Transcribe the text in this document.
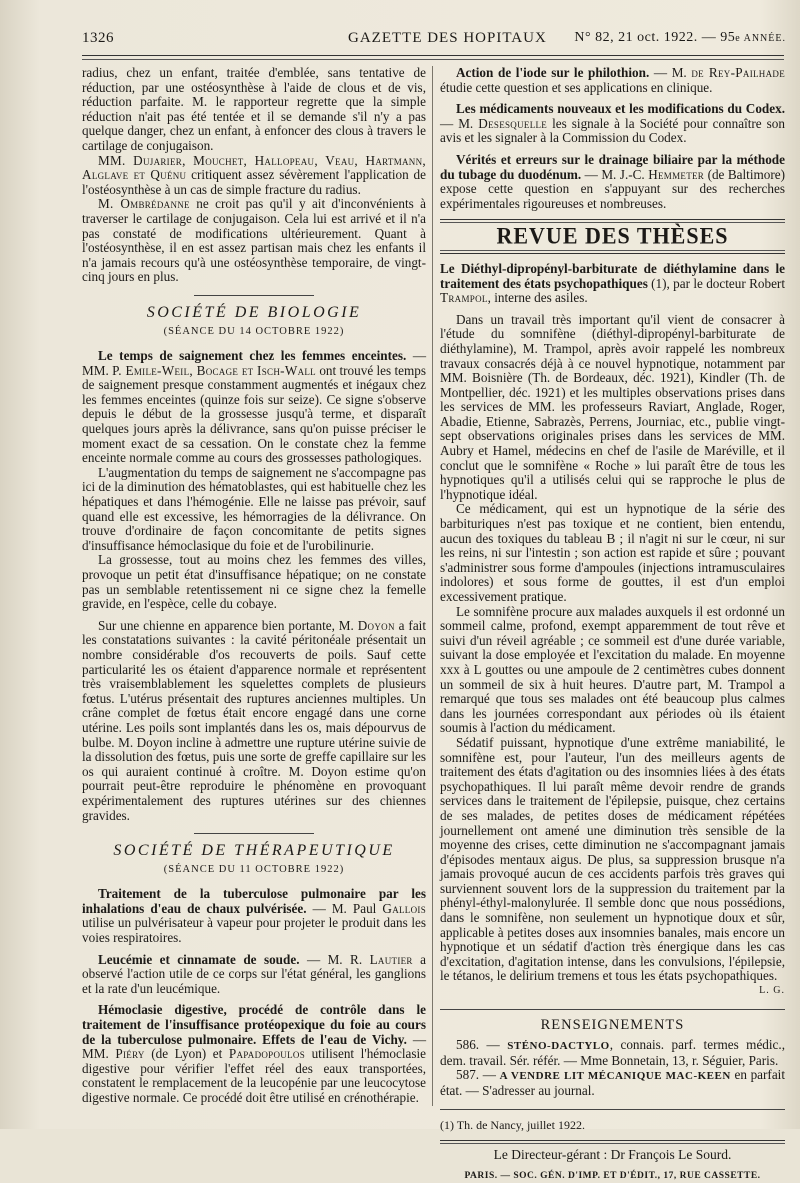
1326	GAZETTE DES HOPITAUX N° 82, 21 oct. 1922. — 95e ANNÉE.

radius, chez un enfant, traitée d'emblée, sans tentative de réduction, par une ostéosynthèse à l'aide de clous et de vis, réduction parfaite. M. le rapporteur regrette que la simple réduction n'ait pas été tentée et il se demande s'il n'y a pas quelque danger, chez un enfant, à enfoncer des clous à travers le cartilage de conjugaison.

MM. Dujarier, Mouchet, Hallopeau, Veau, Hartmann, Alglave et Quénu critiquent assez sévèrement l'application de l'ostéosynthèse à un cas de simple fracture du radius.

M. Ombrédanne ne croit pas qu'il y ait d'inconvénients à traverser le cartilage de conjugaison. Cela lui est arrivé et il n'a pas constaté de modifications ultérieurement. Quant à l'ostéosynthèse, il en est assez partisan mais chez les enfants il n'a jamais recours qu'à une ostéosynthèse temporaire, de vingt-cinq jours en plus.

SOCIÉTÉ DE BIOLOGIE
(SÉANCE DU 14 OCTOBRE 1922)

Le temps de saignement chez les femmes enceintes. — MM. P. Emile-Weil, Bocage et Isch-Wall ont trouvé les temps de saignement presque constamment augmentés et inégaux chez les femmes enceintes (quinze fois sur seize). Ce signe s'observe depuis le début de la grossesse jusqu'à terme, et disparaît quelques jours après la délivrance, sans qu'on puisse préciser le moment exact de sa cessation. On le constate chez la femme enceinte normale comme au cours des grossesses pathologiques.

L'augmentation du temps de saignement ne s'accompagne pas ici de la diminution des hématoblastes, qui est habituelle chez les hépatiques et dans l'hémogénie. Elle ne laisse pas prévoir, sauf quand elle est excessive, les hémorragies de la délivrance. On trouve d'ordinaire de façon concomitante de petits signes d'insuffisance hémoclasique du foie et de l'urobilinurie.

La grossesse, tout au moins chez les femmes des villes, provoque un petit état d'insuffisance hépatique; on ne constate pas un semblable retentissement ni ce signe chez la femelle gravide, en l'espèce, celle du cobaye.

Sur une chienne en apparence bien portante, M. Doyon a fait les constatations suivantes : la cavité péritonéale présentait un nombre considérable d'os recouverts de poils. Sauf cette particularité les os étaient d'apparence normale et représentent très vraisemblablement les squelettes complets de plusieurs fœtus. L'utérus présentait des ruptures anciennes multiples. Un crâne complet de fœtus était encore engagé dans une corne utérine. Les poils sont implantés dans les os, mais dépourvus de bulbe. M. Doyon incline à admettre une rupture utérine suivie de la dissolution des fœtus, puis une sorte de greffe capillaire sur les os qui auraient continué à croître. M. Doyon estime qu'on pourrait peut-être reproduire le phénomène en provoquant expérimentalement des ruptures utérines sur des chiennes gravides.

SOCIÉTÉ DE THÉRAPEUTIQUE
(SÉANCE DU 11 OCTOBRE 1922)

Traitement de la tuberculose pulmonaire par les inhalations d'eau de chaux pulvérisée. — M. Paul Gallois utilise un pulvérisateur à vapeur pour projeter le produit dans les voies respiratoires.

Leucémie et cinnamate de soude. — M. R. Lautier a observé l'action utile de ce corps sur l'état général, les ganglions et la rate d'un leucémique.

Hémoclasie digestive, procédé de contrôle dans le traitement de l'insuffisance protéopexique du foie au cours de la tuberculose pulmonaire. Effets de l'eau de Vichy. — MM. Piéry (de Lyon) et Papadopoulos utilisent l'hémoclasie digestive pour vérifier l'effet réel des eaux transportées, constatent le remplacement de la leucopénie par une leucocytose digestive normale. Ce procédé doit être utilisé en crénothérapie.

Action de l'iode sur le philothion. — M. de Rey-Pailhade étudie cette question et ses applications en clinique.

Les médicaments nouveaux et les modifications du Codex. — M. Desesquelle les signale à la Société pour connaître son avis et les signaler à la Commission du Codex.

Vérités et erreurs sur le drainage biliaire par la méthode du tubage du duodénum. — M. J.-C. Hemmeter (de Baltimore) expose cette question en s'appuyant sur des recherches expérimentales rigoureuses et nombreuses.

REVUE DES THÈSES

Le Diéthyl-dipropényl-barbiturate de diéthylamine dans le traitement des états psychopathiques (1), par le docteur Robert Trampol, interne des asiles.

Dans un travail très important qu'il vient de consacrer à l'étude du somnifène (diéthyl-dipropényl-barbiturate de diéthylamine), M. Trampol, après avoir rappelé les nombreux travaux consacrés déjà à ce nouvel hypnotique, notamment par MM. Boisnière (Th. de Bordeaux, déc. 1921), Kindler (Th. de Montpellier, déc. 1921) et les multiples observations prises dans les services de MM. les professeurs Raviart, Anglade, Roger, Abadie, Etienne, Sabrazès, Perrens, Journiac, etc., publie vingt-sept observations originales prises dans les services de MM. Aubry et Hamel, médecins en chef de l'asile de Maréville, et il conclut que le somnifène « Roche » lui paraît être de tous les hypnotiques qu'il a utilisés celui qui se rapproche le plus de l'hypnotique idéal.

Ce médicament, qui est un hypnotique de la série des barbituriques n'est pas toxique et ne contient, bien entendu, aucun des toxiques du tableau B ; il n'agit ni sur le cœur, ni sur les reins, ni sur l'intestin ; son action est rapide et sûre ; pouvant s'administrer sous forme d'ampoules (injections intramusculaires indolores) et sous forme de gouttes, il est d'un emploi excessivement pratique.

Le somnifène procure aux malades auxquels il est ordonné un sommeil calme, profond, exempt apparemment de tout rêve et suivi d'un réveil agréable ; ce sommeil est d'une durée variable, suivant la dose employée et l'excitation du malade. En moyenne xxx à L gouttes ou une ampoule de 2 centimètres cubes donnent un sommeil de six à huit heures. D'autre part, M. Trampol a remarqué que tous ses malades ont été beaucoup plus calmes dans les journées correspondant aux périodes où ils étaient soumis à l'action du médicament.

Sédatif puissant, hypnotique d'une extrême maniabilité, le somnifène est, pour l'auteur, l'un des meilleurs agents de traitement des états d'agitation ou des insomnies liées à des états psychopathiques. Il lui paraît même devoir rendre de grands services dans le traitement de l'épilepsie, puisque, chez certains de ses malades, de petites doses de médicament répétées journellement ont amené une diminution très sensible de la moyenne des crises, cette diminution ne s'accompagnant jamais d'épisodes mentaux aigus. De plus, sa suppression brusque n'a jamais provoqué aucun de ces accidents parfois très graves qui surviennent souvent lors de la suppression du traitement par la phényl-éthyl-malonylurée. Il semble donc que nous possédions, dans le somnifène, non seulement un hypnotique doux et sûr, applicable à petites doses aux insomnies banales, mais encore un hypnotique et un sédatif d'action très énergique dans les cas d'excitation, d'agitation intense, dans les convulsions, l'épilepsie, le tétanos, le delirium tremens et tous les états psychopathiques.

L. G.
RENSEIGNEMENTS

586. — STÉNO-DACTYLO, connais. parf. termes médic., dem. travail. Sér. référ. — Mme Bonnetain, 13, r. Séguier, Paris.

587. — A VENDRE LIT MÉCANIQUE MAC-KEEN en parfait état. — S'adresser au journal.

(1) Th. de Nancy, juillet 1922.

Le Directeur-gérant : Dr François Le Sourd.
PARIS. — SOC. GÉN. D'IMP. ET D'ÉDIT., 17, RUE CASSETTE.
